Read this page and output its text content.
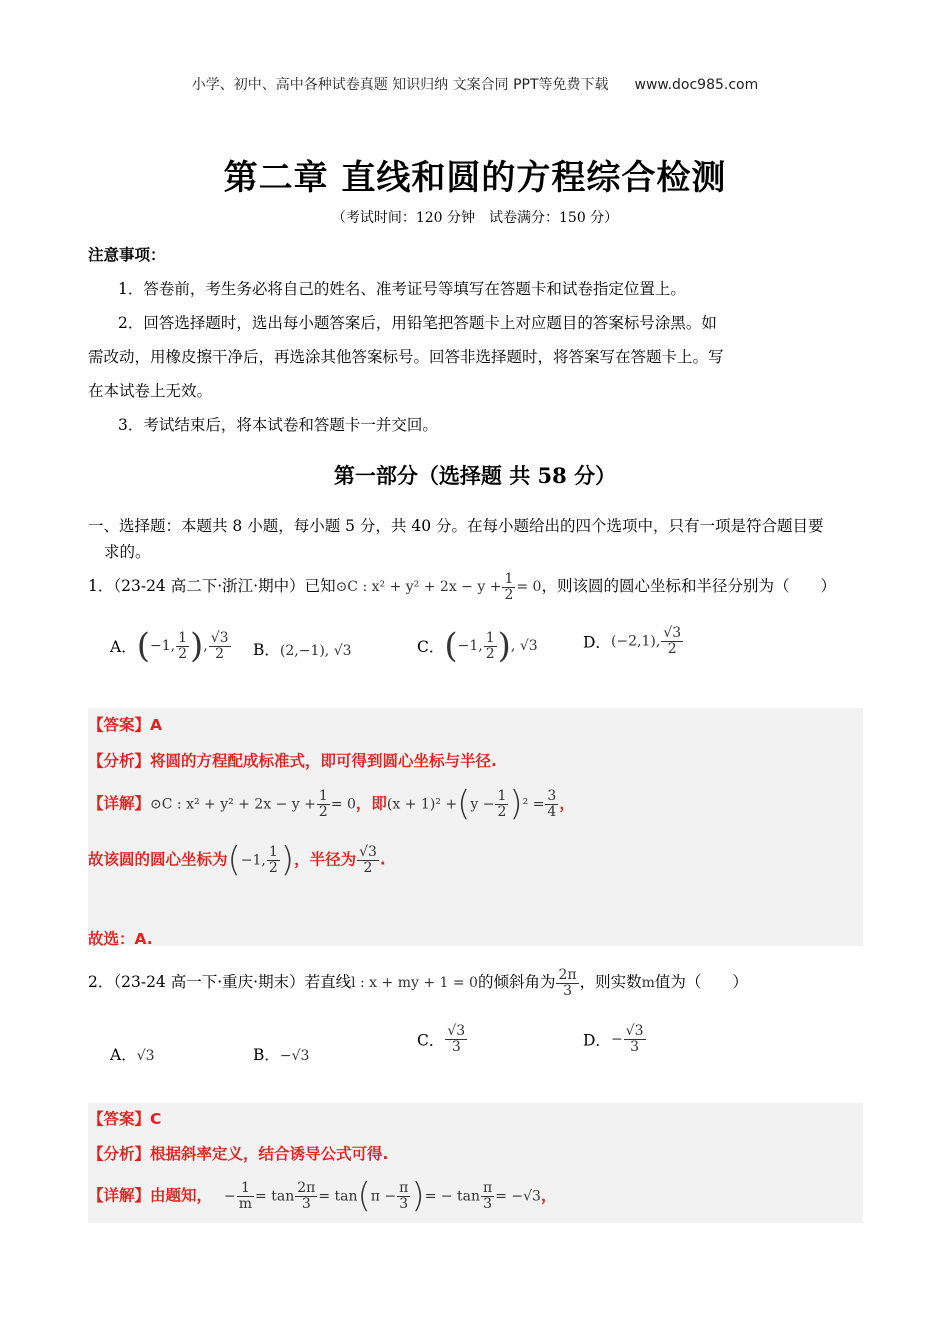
小学、初中、高中各种试卷真题 知识归纳 文案合同 PPT等免费下载 www.doc985.com
第二章 直线和圆的方程综合检测
（考试时间：120 分钟　试卷满分：150 分）
注意事项：
1．答卷前，考生务必将自己的姓名、准考证号等填写在答题卡和试卷指定位置上。
2．回答选择题时，选出每小题答案后，用铅笔把答题卡上对应题目的答案标号涂黑。如
需改动，用橡皮擦干净后，再选涂其他答案标号。回答非选择题时，将答案写在答题卡上。写
在本试卷上无效。
3．考试结束后，将本试卷和答题卡一并交回。
第一部分（选择题 共 58 分）
一、选择题：本题共 8 小题，每小题 5 分，共 40 分。在每小题给出的四个选项中，只有一项是符合题目要
求的。
1．（23-24 高二下·浙江·期中）已知⊙C : $x^2 + y^2 + 2x - y + \frac{1}{2} = 0$，则该圆的圆心坐标和半径分别为（　　）
A．(−1, $\frac{1}{2}$ ), $\frac{√3}{2}$ B．(2,−1), √3	C．(−1, $\frac{1}{2}$ ), √3	D．(−2,1), $\frac{√3}{2}$
【答案】A
【分析】将圆的方程配成标准式，即可得到圆心坐标与半径.
【详解】⊙C : $x^2 + y^2 + 2x - y + \frac{1}{2} = 0$，即$(x + 1)^2 +(y - \frac{1}{2} )^2 = \frac{3}{4}$ ，
故该圆的圆心坐标为(−1, $\frac{1}{2}$ )，半径为 $\frac{√3}{2}$ .
故选：A.
2．（23-24 高一下·重庆·期末）若直线l : x + my + 1 = 0的倾斜角为 $\frac{2\pi}{3}$ ，则实数m值为（　　）
A．√3	B．−√3
C． $\frac{√3}{3}$	D．− $\frac{√3}{3}$
【答案】C
【分析】根据斜率定义，结合诱导公式可得.
【详解】由题知， − $\frac{1}{m} = \tan \frac{2\pi}{3} = \tan(\pi - \frac{\pi}{3}$ )= − $\tan \frac{\pi}{3} = -√3$，
